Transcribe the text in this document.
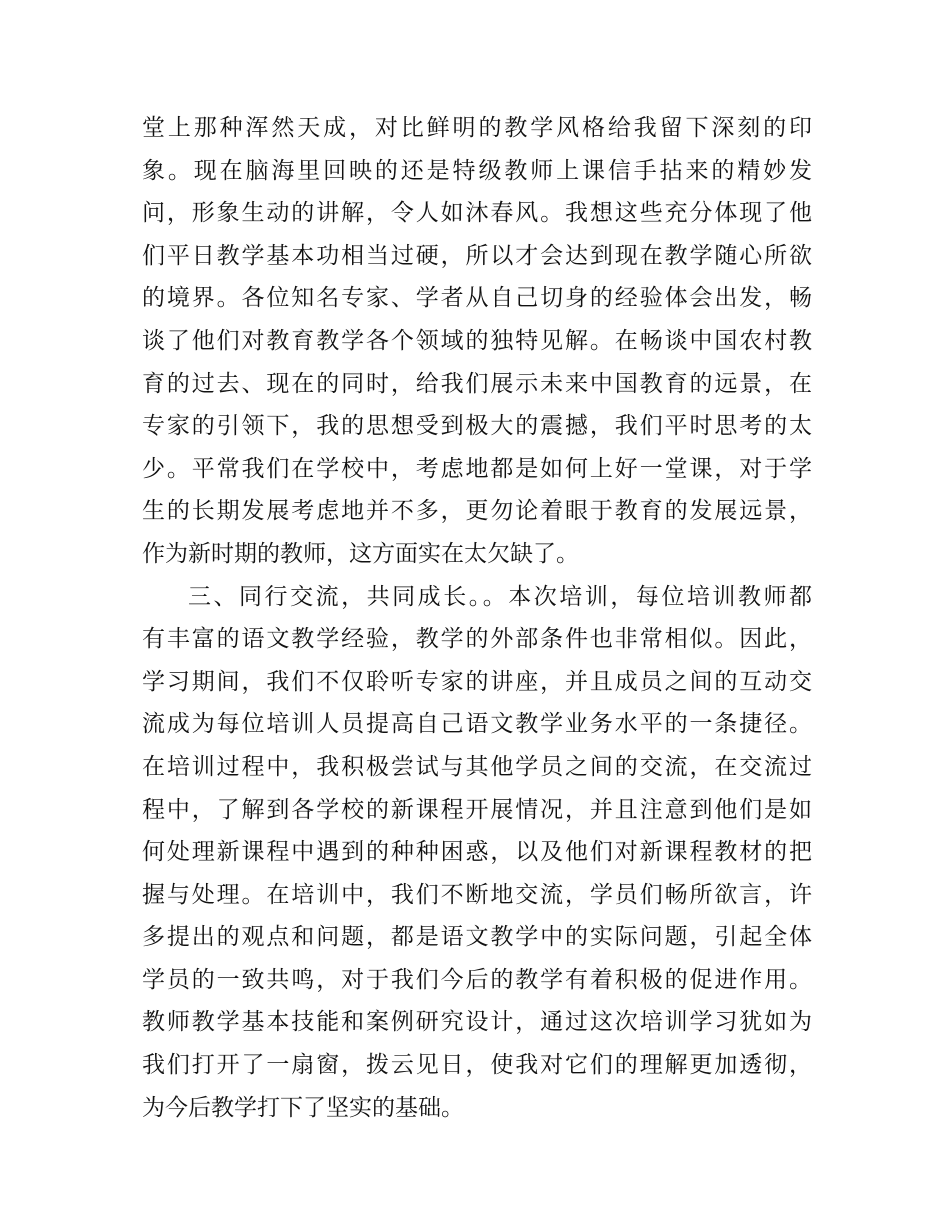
堂上那种浑然天成，对比鲜明的教学风格给我留下深刻的印
象。现在脑海里回映的还是特级教师上课信手拈来的精妙发
问，形象生动的讲解，令人如沐春风。我想这些充分体现了他
们平日教学基本功相当过硬，所以才会达到现在教学随心所欲
的境界。各位知名专家、学者从自己切身的经验体会出发，畅
谈了他们对教育教学各个领域的独特见解。在畅谈中国农村教
育的过去、现在的同时，给我们展示未来中国教育的远景，在
专家的引领下，我的思想受到极大的震撼，我们平时思考的太
少。平常我们在学校中，考虑地都是如何上好一堂课，对于学
生的长期发展考虑地并不多，更勿论着眼于教育的发展远景，
作为新时期的教师，这方面实在太欠缺了。

三、同行交流，共同成长。。本次培训，每位培训教师都
有丰富的语文教学经验，教学的外部条件也非常相似。因此，
学习期间，我们不仅聆听专家的讲座，并且成员之间的互动交
流成为每位培训人员提高自己语文教学业务水平的一条捷径。
在培训过程中，我积极尝试与其他学员之间的交流，在交流过
程中，了解到各学校的新课程开展情况，并且注意到他们是如
何处理新课程中遇到的种种困惑，以及他们对新课程教材的把
握与处理。在培训中，我们不断地交流，学员们畅所欲言，许
多提出的观点和问题，都是语文教学中的实际问题，引起全体
学员的一致共鸣，对于我们今后的教学有着积极的促进作用。
教师教学基本技能和案例研究设计，通过这次培训学习犹如为
我们打开了一扇窗，拨云见日，使我对它们的理解更加透彻，
为今后教学打下了坚实的基础。
